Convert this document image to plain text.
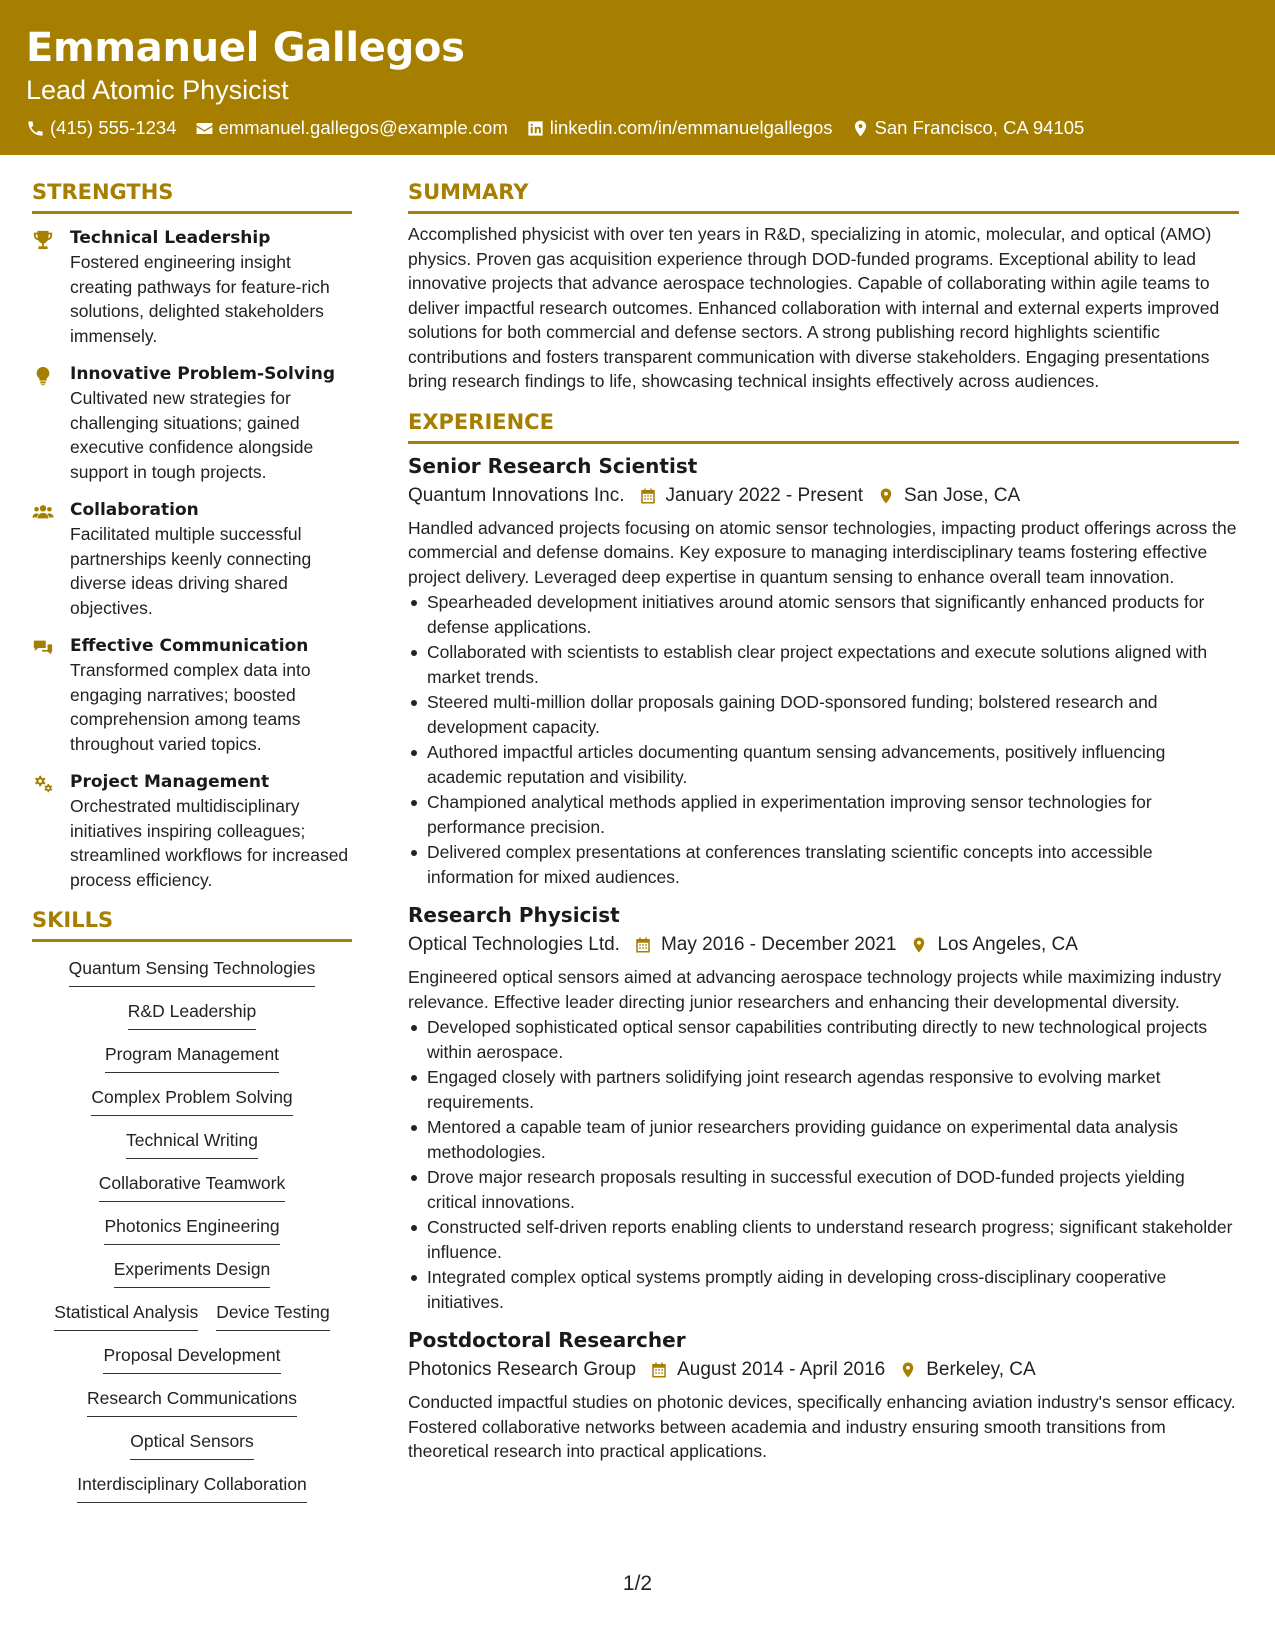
Emmanuel Gallegos
Lead Atomic Physicist
(415) 555-1234 emmanuel.gallegos@example.com linkedin.com/in/emmanuelgallegos San Francisco, CA 94105
STRENGTHS
Technical Leadership
Fostered engineering insight creating pathways for feature-rich solutions, delighted stakeholders immensely.
Innovative Problem-Solving
Cultivated new strategies for challenging situations; gained executive confidence alongside support in tough projects.
Collaboration
Facilitated multiple successful partnerships keenly connecting diverse ideas driving shared objectives.
Effective Communication
Transformed complex data into engaging narratives; boosted comprehension among teams throughout varied topics.
Project Management
Orchestrated multidisciplinary initiatives inspiring colleagues; streamlined workflows for increased process efficiency.
SKILLS
Quantum Sensing Technologies
R&D Leadership
Program Management
Complex Problem Solving
Technical Writing
Collaborative Teamwork
Photonics Engineering
Experiments Design
Statistical Analysis Device Testing
Proposal Development
Research Communications
Optical Sensors
Interdisciplinary Collaboration
SUMMARY

Accomplished physicist with over ten years in R&D, specializing in atomic, molecular, and optical (AMO) physics. Proven gas acquisition experience through DOD-funded programs. Exceptional ability to lead innovative projects that advance aerospace technologies. Capable of collaborating within agile teams to deliver impactful research outcomes. Enhanced collaboration with internal and external experts improved solutions for both commercial and defense sectors. A strong publishing record highlights scientific contributions and fosters transparent communication with diverse stakeholders. Engaging presentations bring research findings to life, showcasing technical insights effectively across audiences.

EXPERIENCE
Senior Research Scientist
Quantum Innovations Inc. January 2022 - Present San Jose, CA

Handled advanced projects focusing on atomic sensor technologies, impacting product offerings across the commercial and defense domains. Key exposure to managing interdisciplinary teams fostering effective project delivery. Leveraged deep expertise in quantum sensing to enhance overall team innovation.

Spearheaded development initiatives around atomic sensors that significantly enhanced products for defense applications.
Collaborated with scientists to establish clear project expectations and execute solutions aligned with market trends.
Steered multi-million dollar proposals gaining DOD-sponsored funding; bolstered research and development capacity.
Authored impactful articles documenting quantum sensing advancements, positively influencing academic reputation and visibility.
Championed analytical methods applied in experimentation improving sensor technologies for performance precision.
Delivered complex presentations at conferences translating scientific concepts into accessible information for mixed audiences.
Research Physicist
Optical Technologies Ltd. May 2016 - December 2021 Los Angeles, CA

Engineered optical sensors aimed at advancing aerospace technology projects while maximizing industry relevance. Effective leader directing junior researchers and enhancing their developmental diversity.

Developed sophisticated optical sensor capabilities contributing directly to new technological projects within aerospace.
Engaged closely with partners solidifying joint research agendas responsive to evolving market requirements.
Mentored a capable team of junior researchers providing guidance on experimental data analysis methodologies.
Drove major research proposals resulting in successful execution of DOD-funded projects yielding critical innovations.
Constructed self-driven reports enabling clients to understand research progress; significant stakeholder influence.
Integrated complex optical systems promptly aiding in developing cross-disciplinary cooperative initiatives.
Postdoctoral Researcher
Photonics Research Group August 2014 - April 2016 Berkeley, CA

Conducted impactful studies on photonic devices, specifically enhancing aviation industry's sensor efficacy. Fostered collaborative networks between academia and industry ensuring smooth transitions from theoretical research into practical applications.

1/2
